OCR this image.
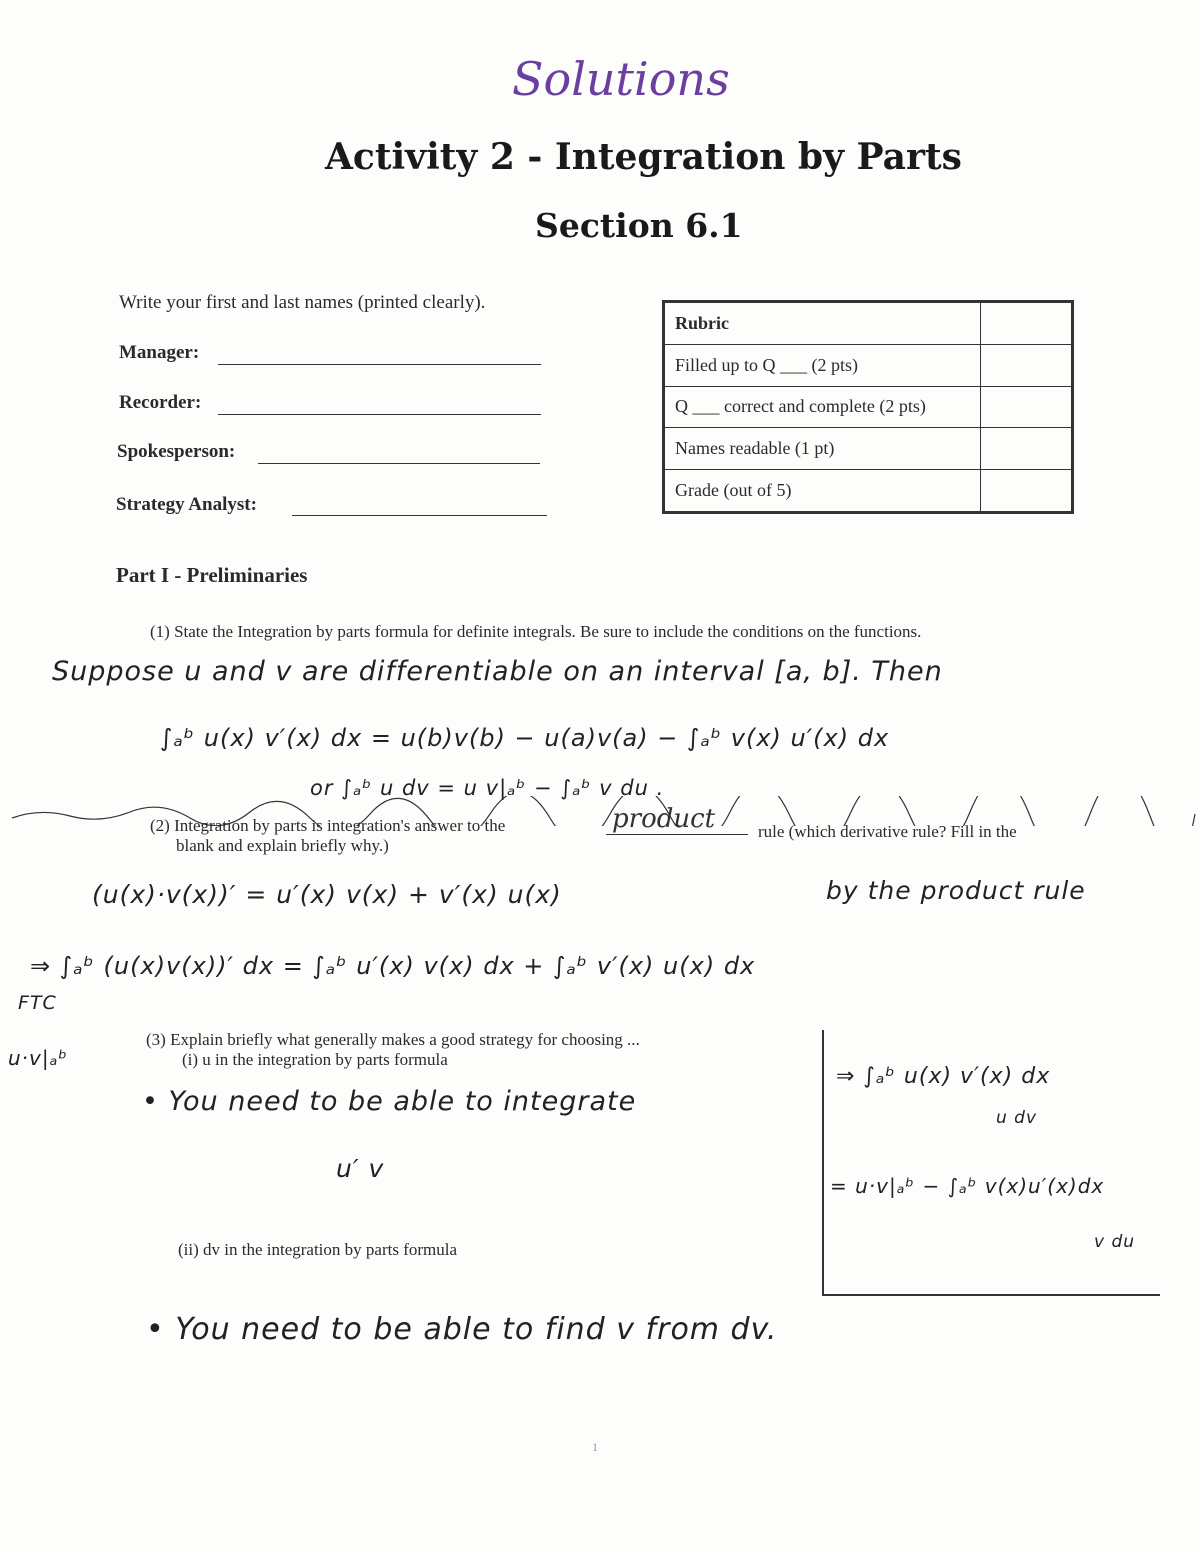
Solutions
Activity 2 - Integration by Parts
Section 6.1
Write your first and last names (printed clearly).
Manager:
Recorder:
Spokesperson:
Strategy Analyst:
Rubric	
Filled up to Q ___ (2 pts)	
Q ___ correct and complete (2 pts)	
Names readable (1 pt)	
Grade (out of 5)	
Part I - Preliminaries
(1) State the Integration by parts formula for definite integrals. Be sure to include the conditions on the functions.
Suppose u and v are differentiable on an interval [a, b]. Then
∫ₐᵇ u(x) v′(x) dx = u(b)v(b) − u(a)v(a) − ∫ₐᵇ v(x) u′(x) dx
or ∫ₐᵇ u dv = u v|ₐᵇ − ∫ₐᵇ v du .
(2) Integration by parts is integration's answer to the	product	rule (which derivative rule? Fill in the
blank and explain briefly why.)
(u(x)·v(x))′ = u′(x) v(x) + v′(x) u(x)	by the product rule
⇒ ∫ₐᵇ (u(x)v(x))′ dx = ∫ₐᵇ u′(x) v(x) dx + ∫ₐᵇ v′(x) u(x) dx
FTC
u·v|ₐᵇ
(3) Explain briefly what generally makes a good strategy for choosing ...
(i) u in the integration by parts formula
• You need to be able to integrate
u′ v
⇒ ∫ₐᵇ u(x) v′(x) dx
u dv
= u·v|ₐᵇ − ∫ₐᵇ v(x)u′(x)dx
v du
(ii) dv in the integration by parts formula
• You need to be able to find v from dv.
1
